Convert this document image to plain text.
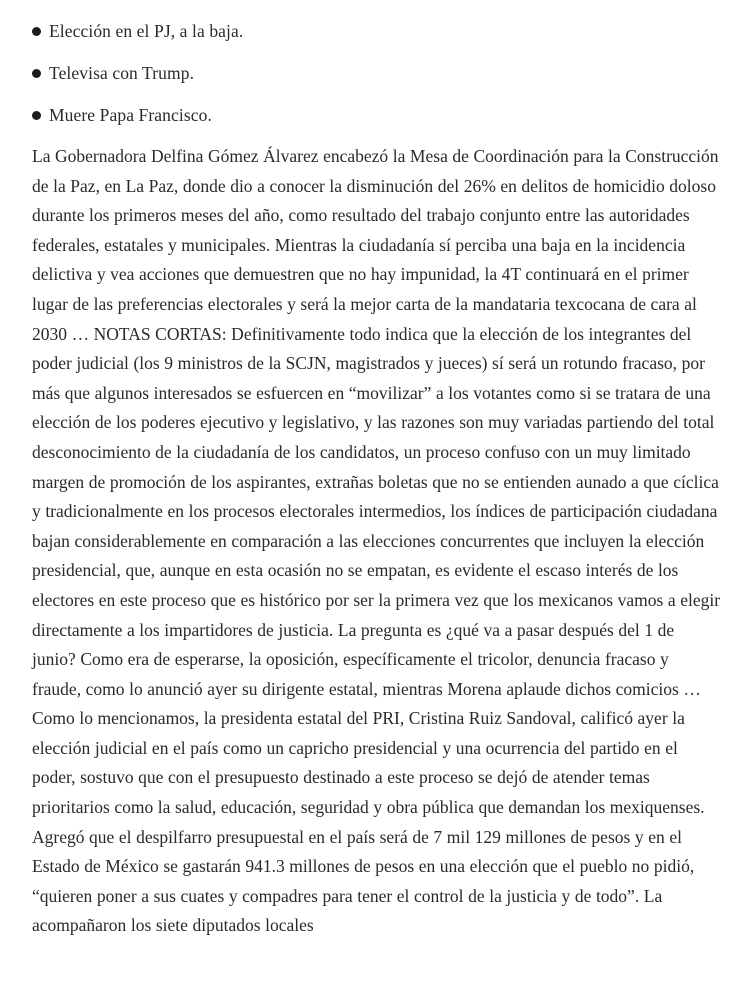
Elección en el PJ, a la baja.
Televisa con Trump.
Muere Papa Francisco.

La Gobernadora Delfina Gómez Álvarez encabezó la Mesa de Coordinación para la Construcción de la Paz, en La Paz, donde dio a conocer la disminución del 26% en delitos de homicidio doloso durante los primeros meses del año, como resultado del trabajo conjunto entre las autoridades federales, estatales y municipales. Mientras la ciudadanía sí perciba una baja en la incidencia delictiva y vea acciones que demuestren que no hay impunidad, la 4T continuará en el primer lugar de las preferencias electorales y será la mejor carta de la mandataria texcocana de cara al 2030 … NOTAS CORTAS: Definitivamente todo indica que la elección de los integrantes del poder judicial (los 9 ministros de la SCJN, magistrados y jueces) sí será un rotundo fracaso, por más que algunos interesados se esfuercen en “movilizar” a los votantes como si se tratara de una elección de los poderes ejecutivo y legislativo, y las razones son muy variadas partiendo del total desconocimiento de la ciudadanía de los candidatos, un proceso confuso con un muy limitado margen de promoción de los aspirantes, extrañas boletas que no se entienden aunado a que cíclica y tradicionalmente en los procesos electorales intermedios, los índices de participación ciudadana bajan considerablemente en comparación a las elecciones concurrentes que incluyen la elección presidencial, que, aunque en esta ocasión no se empatan, es evidente el escaso interés de los electores en este proceso que es histórico por ser la primera vez que los mexicanos vamos a elegir directamente a los impartidores de justicia. La pregunta es ¿qué va a pasar después del 1 de junio? Como era de esperarse, la oposición, específicamente el tricolor, denuncia fracaso y fraude, como lo anunció ayer su dirigente estatal, mientras Morena aplaude dichos comicios … Como lo mencionamos, la presidenta estatal del PRI, Cristina Ruiz Sandoval, calificó ayer la elección judicial en el país como un capricho presidencial y una ocurrencia del partido en el poder, sostuvo que con el presupuesto destinado a este proceso se dejó de atender temas prioritarios como la salud, educación, seguridad y obra pública que demandan los mexiquenses. Agregó que el despilfarro presupuestal en el país será de 7 mil 129 millones de pesos y en el Estado de México se gastarán 941.3 millones de pesos en una elección que el pueblo no pidió, “quieren poner a sus cuates y compadres para tener el control de la justicia y de todo”. La acompañaron los siete diputados locales
